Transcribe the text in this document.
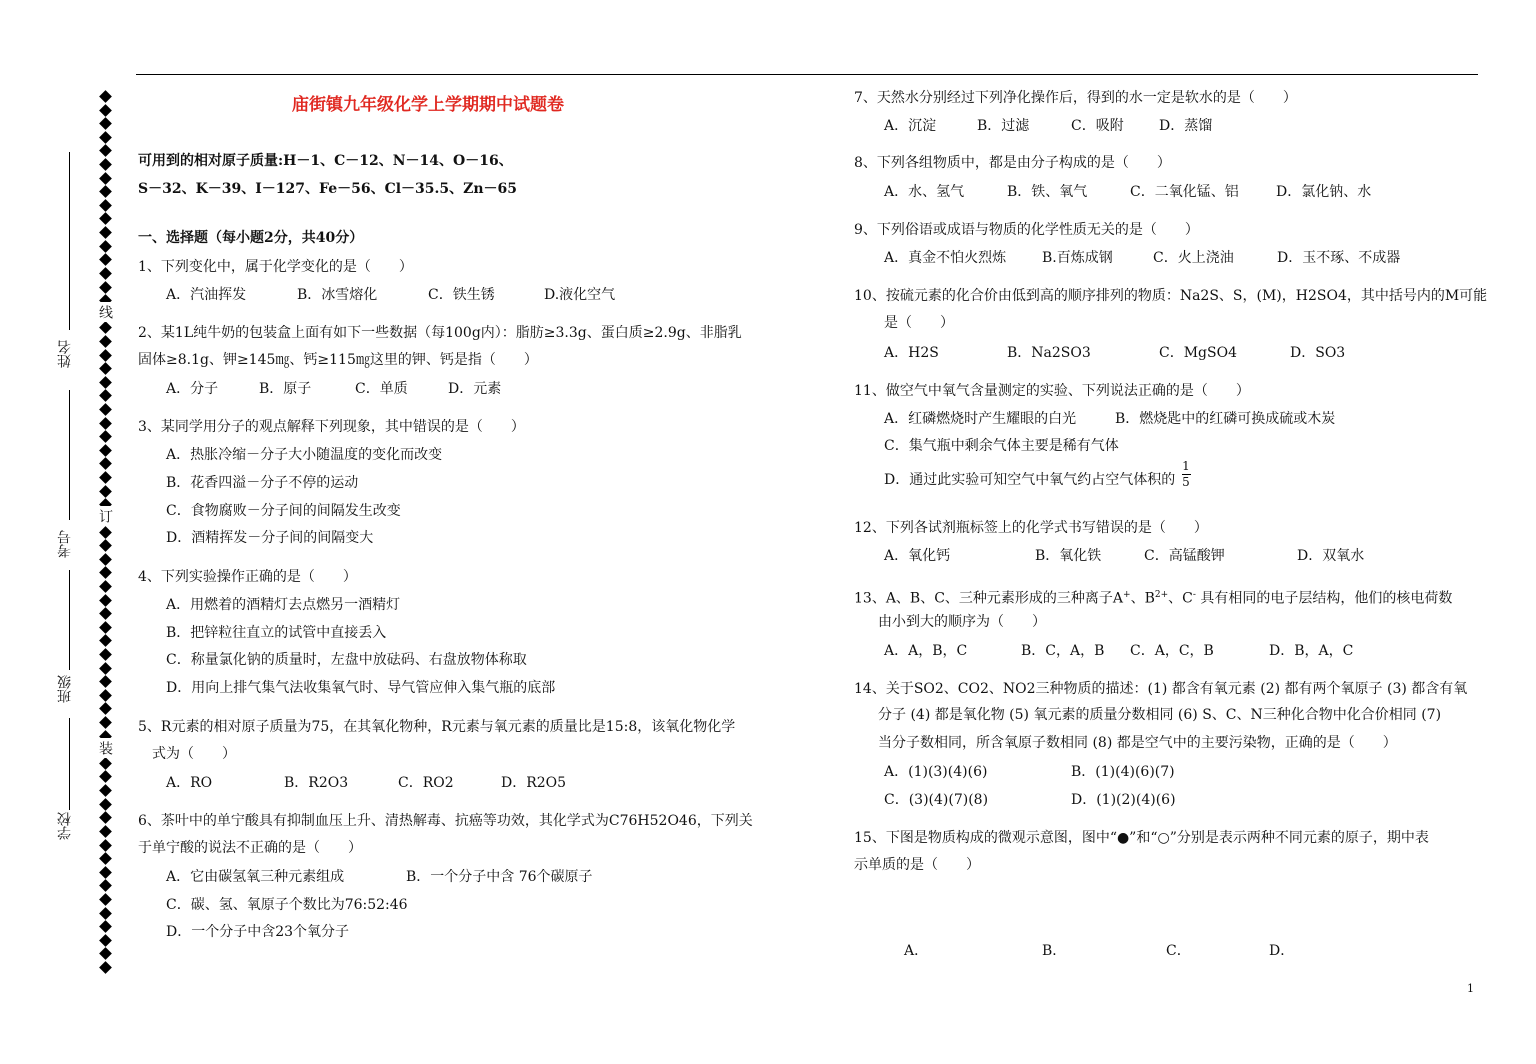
线
订
装
姓名
考号
班级
学校
庙街镇九年级化学上学期期中试题卷
可用到的相对原子质量:H－1、C－12、N－14、O－16、
S－32、K－39、I－127、Fe－56、Cl－35.5、Zn－65
一、选择题（每小题2分，共40分）
1、下列变化中，属于化学变化的是（　　）
A．汽油挥发	B．冰雪熔化	C．铁生锈	D.液化空气
2、某1L纯牛奶的包装盒上面有如下一些数据（每100g内）：脂肪≥3.3g、蛋白质≥2.9g、非脂乳
固体≥8.1g、钾≥145㎎、钙≥115㎎这里的钾、钙是指（　　）
A．分子	B．原子	C．单质	D．元素
3、某同学用分子的观点解释下列现象，其中错误的是（　　）
A．热胀冷缩－分子大小随温度的变化而改变
B．花香四溢－分子不停的运动
C．食物腐败－分子间的间隔发生改变
D．酒精挥发－分子间的间隔变大
4、下列实验操作正确的是（　　）
A．用燃着的酒精灯去点燃另一酒精灯
B．把锌粒往直立的试管中直接丢入
C．称量氯化钠的质量时，左盘中放砝码、右盘放物体称取
D．用向上排气集气法收集氧气时、导气管应伸入集气瓶的底部
5、R元素的相对原子质量为75，在其氧化物种，R元素与氧元素的质量比是15:8，该氧化物化学
式为（　　）
A．RO	B．R2O3	C．RO2	D．R2O5
6、茶叶中的单宁酸具有抑制血压上升、清热解毒、抗癌等功效，其化学式为C76H52O46，下列关
于单宁酸的说法不正确的是（　　）
A．它由碳氢氧三种元素组成	B．一个分子中含 76个碳原子
C．碳、氢、氧原子个数比为76:52:46
D．一个分子中含23个氧分子
7、天然水分别经过下列净化操作后，得到的水一定是软水的是（　　）
A．沉淀	B．过滤	C．吸附	D．蒸馏
8、下列各组物质中，都是由分子构成的是（　　）
A．水、氢气	B．铁、氧气	C．二氧化锰、铝	D．氯化钠、水
9、下列俗语或成语与物质的化学性质无关的是（　　）
A．真金不怕火烈炼	B.百炼成钢	C．火上浇油	D．玉不琢、不成器
10、按硫元素的化合价由低到高的顺序排列的物质：Na2S、S，(M)，H2SO4，其中括号内的M可能
是（　　）
A．H2S	B．Na2SO3	C．MgSO4	D．SO3
11、做空气中氧气含量测定的实验、下列说法正确的是（　　）
A．红磷燃烧时产生耀眼的白光	B．燃烧匙中的红磷可换成硫或木炭
C．集气瓶中剩余气体主要是稀有气体
D．通过此实验可知空气中氧气约占空气体积的
1
5
12、下列各试剂瓶标签上的化学式书写错误的是（　　）
A．氧化钙	B．氧化铁	C．高锰酸钾	D．双氧水
13、A、B、C、三种元素形成的三种离子A+、$B^{2+}$、C- 具有相同的电子层结构，他们的核电荷数
由小到大的顺序为（　　）
A．A，B，C	B．C，A，B C．A，C，B	D．B，A，C
14、关于SO2、CO2、NO2三种物质的描述：(1) 都含有氧元素 (2) 都有两个氧原子 (3) 都含有氧
分子 (4) 都是氧化物 (5) 氧元素的质量分数相同 (6) S、C、N三种化合物中化合价相同 (7)
当分子数相同，所含氧原子数相同 (8) 都是空气中的主要污染物，正确的是（　　）
A．(1)(3)(4)(6)	B．(1)(4)(6)(7)
C．(3)(4)(7)(8)	D．(1)(2)(4)(6)
15、下图是物质构成的微观示意图，图中“●”和“○”分别是表示两种不同元素的原子，期中表
示单质的是（　　）
A．	B．	C．	D．
1
